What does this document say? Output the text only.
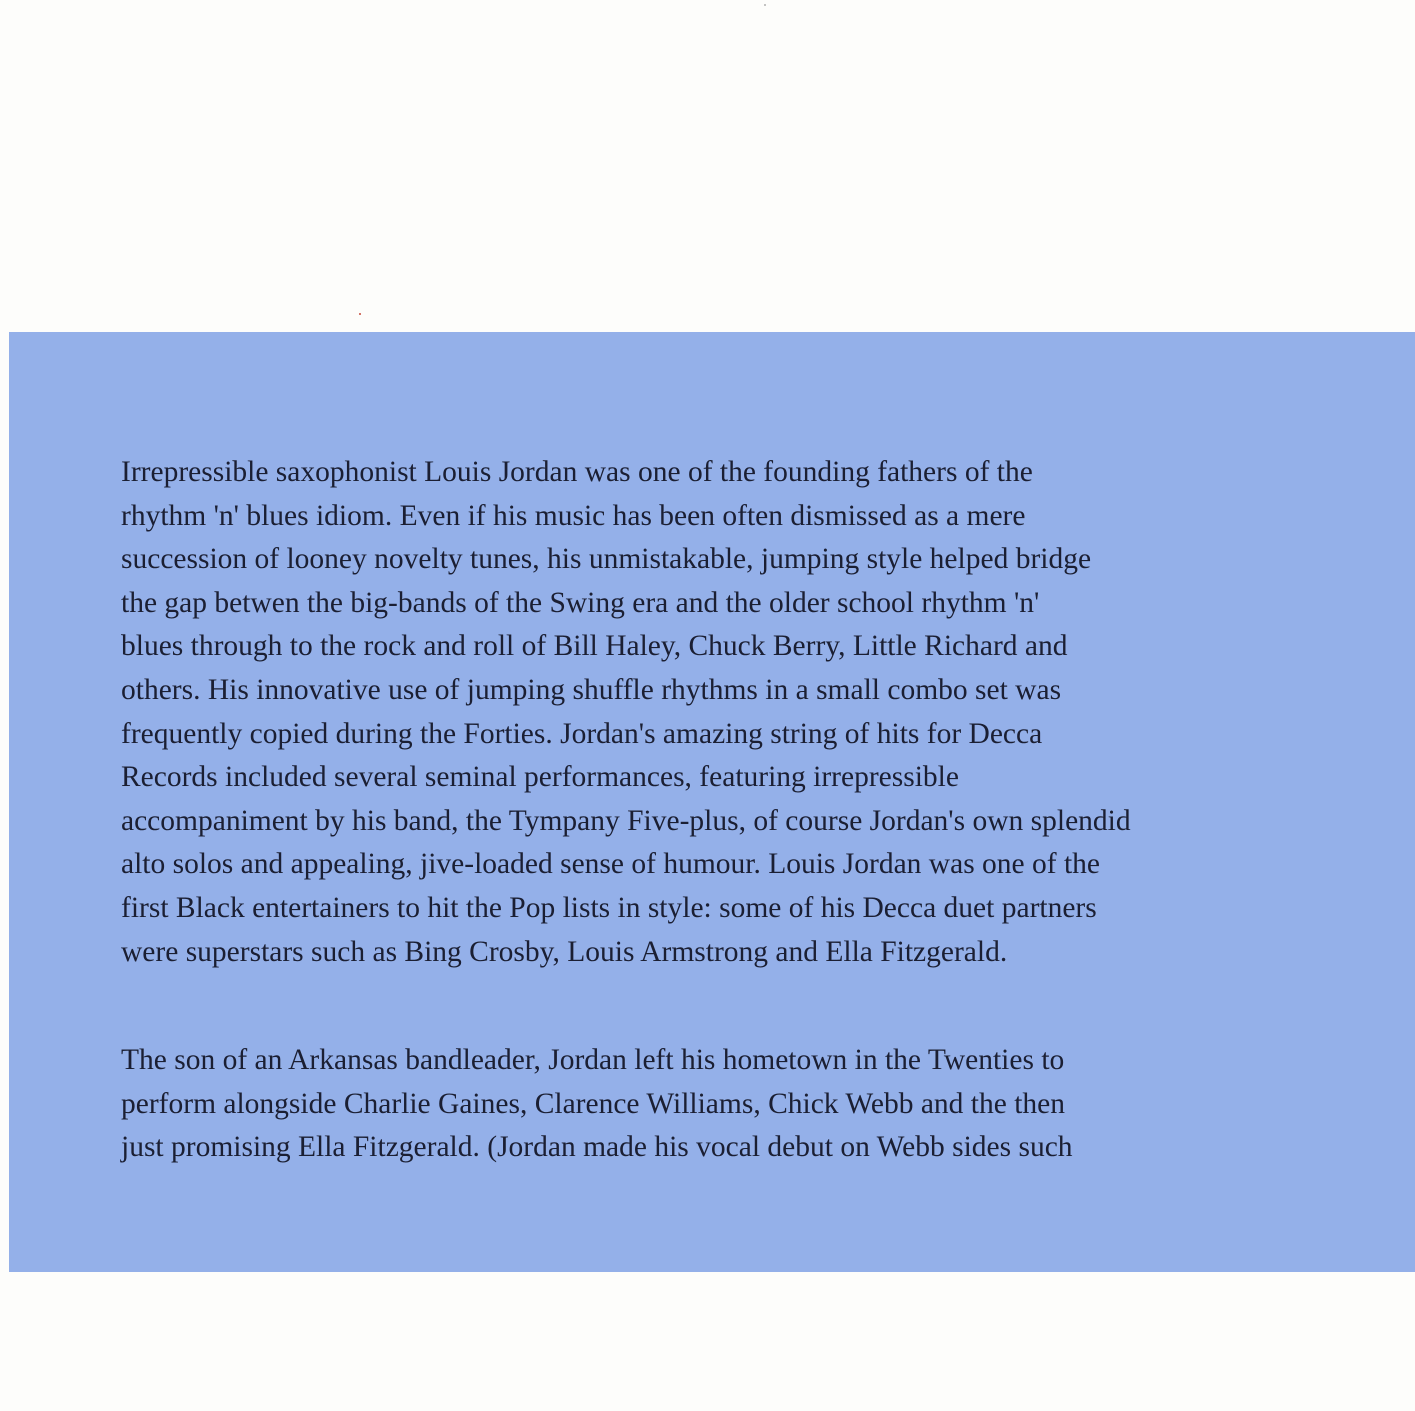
Irrepressible saxophonist Louis Jordan was one of the founding fathers of the
rhythm 'n' blues idiom. Even if his music has been often dismissed as a mere
succession of looney novelty tunes, his unmistakable, jumping style helped bridge
the gap betwen the big-bands of the Swing era and the older school rhythm 'n'
blues through to the rock and roll of Bill Haley, Chuck Berry, Little Richard and
others. His innovative use of jumping shuffle rhythms in a small combo set was
frequently copied during the Forties. Jordan's amazing string of hits for Decca
Records included several seminal performances, featuring irrepressible
accompaniment by his band, the Tympany Five-plus, of course Jordan's own splendid
alto solos and appealing, jive-loaded sense of humour. Louis Jordan was one of the
first Black entertainers to hit the Pop lists in style: some of his Decca duet partners
were superstars such as Bing Crosby, Louis Armstrong and Ella Fitzgerald.
The son of an Arkansas bandleader, Jordan left his hometown in the Twenties to
perform alongside Charlie Gaines, Clarence Williams, Chick Webb and the then
just promising Ella Fitzgerald. (Jordan made his vocal debut on Webb sides such
